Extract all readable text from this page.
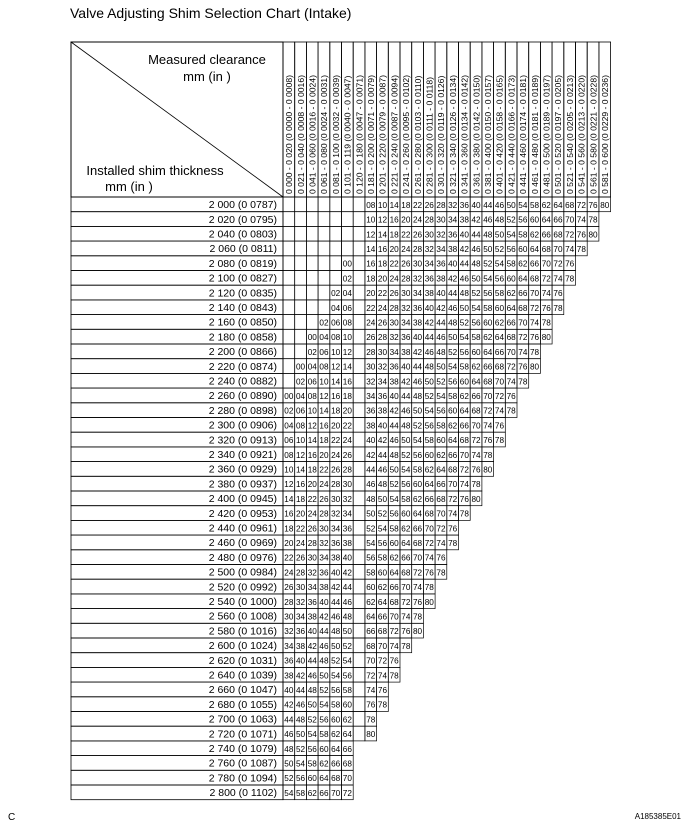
Valve Adjusting Shim Selection Chart (Intake)
Measured clearance
mm (in )
Installed shim thickness
mm (in )	0 000 - 0 020 (0 0000 - 0 0008) 0 021 - 0 040 (0 0008 - 0 0016) 0 041 - 0 060 (0 0016 - 0 0024) 0 061 - 0 080 (0 0024 - 0 0031) 0 081 - 0 100 (0 0032 - 0 0039) 0 101 - 0 119 (0 0040 - 0 0047) 0 120 - 0 180 (0 0047 - 0 0071) 0 181 - 0 200 (0 0071 - 0 0079) 0 201 - 0 220 (0 0079 - 0 0087) 0 221 - 0 240 (0 0087 - 0 0094) 0 241 - 0 260 (0 0095 - 0 0102) 0 261 - 0 280 (0 0103 - 0 0110) 0 281 - 0 300 (0 0111 - 0 0118) 0 301 - 0 320 (0 0119 - 0 0126) 0 321 - 0 340 (0 0126 - 0 0134) 0 341 - 0 360 (0 0134 - 0 0142) 0 361 - 0 380 (0 0142 - 0 0150) 0 381 - 0 400 (0 0150 - 0 0157) 0 401 - 0 420 (0 0158 - 0 0165) 0 421 - 0 440 (0 0166 - 0 0173) 0 441 - 0 460 (0 0174 - 0 0181) 0 461 - 0 480 (0 0181 - 0 0189) 0 481 - 0 500 (0 0189 - 0 0197) 0 501 - 0 520 (0 0197 - 0 0205) 0 521 - 0 540 (0 0205 - 0 0213) 0 541 - 0 560 (0 0213 - 0 0220) 0 561 - 0 580 (0 0221 - 0 0228) 0 581 - 0 600 (0 0229 - 0 0236)
2 000 (0 0787)
2 020 (0 0795)
2 040 (0 0803)
2 060 (0 0811)
2 080 (0 0819)
2 100 (0 0827)
2 120 (0 0835)
2 140 (0 0843)
2 160 (0 0850)
2 180 (0 0858)
2 200 (0 0866)
2 220 (0 0874)
2 240 (0 0882)
2 260 (0 0890)
2 280 (0 0898)
2 300 (0 0906)
2 320 (0 0913)
2 340 (0 0921)
2 360 (0 0929)
2 380 (0 0937)
2 400 (0 0945)
2 420 (0 0953)
2 440 (0 0961)
2 460 (0 0969)
2 480 (0 0976)
2 500 (0 0984)
2 520 (0 0992)
2 540 (0 1000)
2 560 (0 1008)
2 580 (0 1016)
2 600 (0 1024)
2 620 (0 1031)
2 640 (0 1039)
2 660 (0 1047)
2 680 (0 1055)
2 700 (0 1063)
2 720 (0 1071)
2 740 (0 1079)
2 760 (0 1087)
2 780 (0 1094)
2 800 (0 1102)
08 10 14 18 22 26 28 32 36 40 44 46 50 54 58 62 64 68 72 76 80
10 12 16 20 24 28 30 34 38 42 46 48 52 56 60 64 66 70 74 78
12 14 18 22 26 30 32 36 40 44 48 50 54 58 62 66 68 72 76 80
14 16 20 24 28 32 34 38 42 46 50 52 56 60 64 68 70 74 78
00 16 18 22 26 30 34 36 40 44 48 52 54 58 62 66 70 72 76
02 18 20 24 28 32 36 38 42 46 50 54 56 60 64 68 72 74 78
02 04 20 22 26 30 34 38 40 44 48 52 56 58 62 66 70 74 76
04 06 22 24 28 32 36 40 42 46 50 54 58 60 64 68 72 76 78
02 06 08 24 26 30 34 38 42 44 48 52 56 60 62 66 70 74 78
00 04 08 10 26 28 32 36 40 44 46 50 54 58 62 64 68 72 76 80
02 06 10 12 28 30 34 38 42 46 48 52 56 60 64 66 70 74 78
00 04 08 12 14 30 32 36 40 44 48 50 54 58 62 66 68 72 76 80
02 06 10 14 16 32 34 38 42 46 50 52 56 60 64 68 70 74 78
00 04 08 12 16 18 34 36 40 44 48 52 54 58 62 66 70 72 76
02 06 10 14 18 20 36 38 42 46 50 54 56 60 64 68 72 74 78
04 08 12 16 20 22 38 40 44 48 52 56 58 62 66 70 74 76
06 10 14 18 22 24 40 42 46 50 54 58 60 64 68 72 76 78
08 12 16 20 24 26 42 44 48 52 56 60 62 66 70 74 78
10 14 18 22 26 28 44 46 50 54 58 62 64 68 72 76 80
12 16 20 24 28 30 46 48 52 56 60 64 66 70 74 78
14 18 22 26 30 32 48 50 54 58 62 66 68 72 76 80
16 20 24 28 32 34 50 52 56 60 64 68 70 74 78
18 22 26 30 34 36 52 54 58 62 66 70 72 76
20 24 28 32 36 38 54 56 60 64 68 72 74 78
22 26 30 34 38 40 56 58 62 66 70 74 76
24 28 32 36 40 42 58 60 64 68 72 76 78
26 30 34 38 42 44 60 62 66 70 74 78
28 32 36 40 44 46 62 64 68 72 76 80
30 34 38 42 46 48 64 66 70 74 78
32 36 40 44 48 50 66 68 72 76 80
34 38 42 46 50 52 68 70 74 78
36 40 44 48 52 54 70 72 76
38 42 46 50 54 56 72 74 78
40 44 48 52 56 58 74 76
42 46 50 54 58 60 76 78
44 48 52 56 60 62 78
46 50 54 58 62 64 80
48 52 56 60 64 66
50 54 58 62 66 68
52 56 60 64 68 70
54 58 62 66 70 72
C	A185385E01
